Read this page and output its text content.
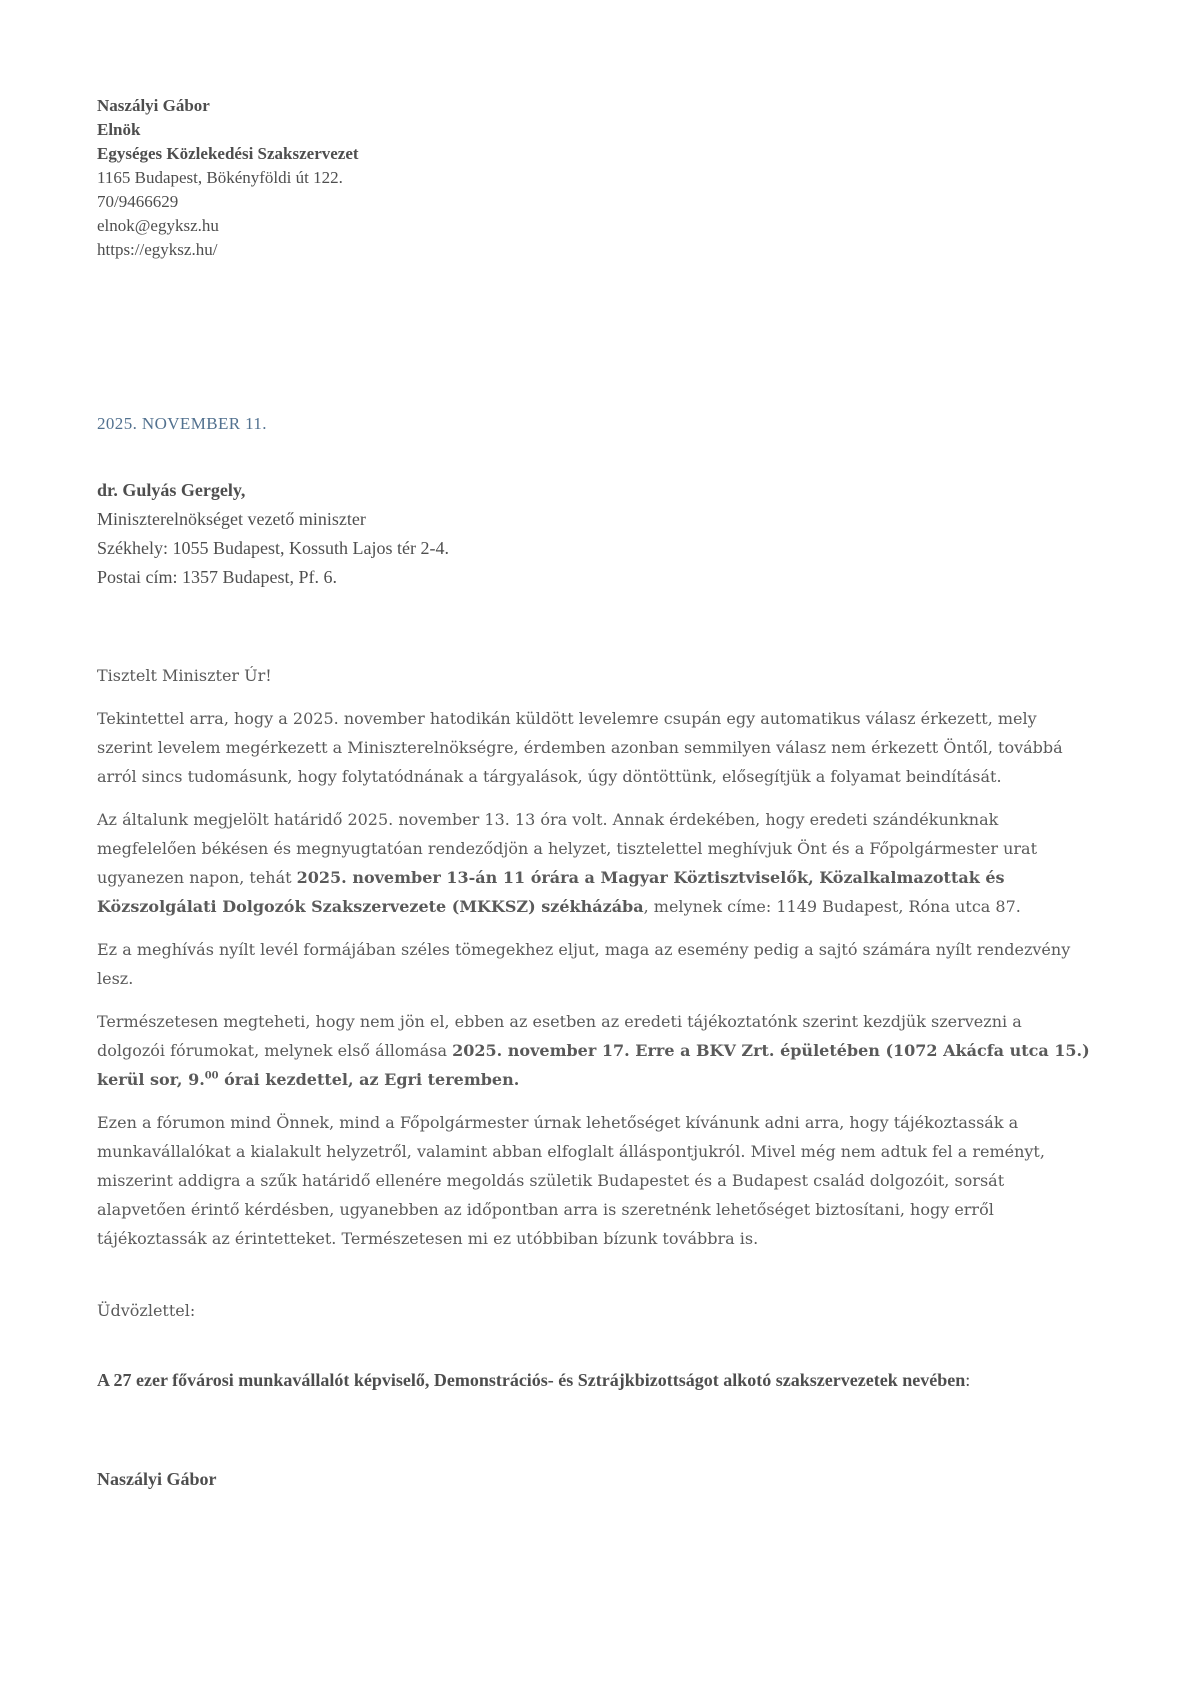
Naszályi Gábor
Elnök
Egységes Közlekedési Szakszervezet
1165 Budapest, Bökényföldi út 122.
70/9466629
elnok@egyksz.hu
https://egyksz.hu/
2025. NOVEMBER 11.
dr. Gulyás Gergely,
Miniszterelnökséget vezető miniszter
Székhely: 1055 Budapest, Kossuth Lajos tér 2-4.
Postai cím: 1357 Budapest, Pf. 6.

Tisztelt Miniszter Úr!

Tekintettel arra, hogy a 2025. november hatodikán küldött levelemre csupán egy automatikus válasz érkezett, mely szerint levelem megérkezett a Miniszterelnökségre, érdemben azonban semmilyen válasz nem érkezett Öntől, továbbá arról sincs tudomásunk, hogy folytatódnának a tárgyalások, úgy döntöttünk, elősegítjük a folyamat beindítását.

Az általunk megjelölt határidő 2025. november 13. 13 óra volt. Annak érdekében, hogy eredeti szándékunknak megfelelően békésen és megnyugtatóan rendeződjön a helyzet, tisztelettel meghívjuk Önt és a Főpolgármester urat ugyanezen napon, tehát 2025. november 13-án 11 órára a Magyar Köztisztviselők, Közalkalmazottak és Közszolgálati Dolgozók Szakszervezete (MKKSZ) székházába, melynek címe: 1149 Budapest, Róna utca 87.

Ez a meghívás nyílt levél formájában széles tömegekhez eljut, maga az esemény pedig a sajtó számára nyílt rendezvény lesz.

Természetesen megteheti, hogy nem jön el, ebben az esetben az eredeti tájékoztatónk szerint kezdjük szervezni a dolgozói fórumokat, melynek első állomása 2025. november 17. Erre a BKV Zrt. épületében (1072 Akácfa utca 15.) kerül sor, 9.00 órai kezdettel, az Egri teremben.

Ezen a fórumon mind Önnek, mind a Főpolgármester úrnak lehetőséget kívánunk adni arra, hogy tájékoztassák a munkavállalókat a kialakult helyzetről, valamint abban elfoglalt álláspontjukról. Mivel még nem adtuk fel a reményt, miszerint addigra a szűk határidő ellenére megoldás születik Budapestet és a Budapest család dolgozóit, sorsát alapvetően érintő kérdésben, ugyanebben az időpontban arra is szeretnénk lehetőséget biztosítani, hogy erről tájékoztassák az érintetteket. Természetesen mi ez utóbbiban bízunk továbbra is.

Üdvözlettel:

A 27 ezer fővárosi munkavállalót képviselő, Demonstrációs- és Sztrájkbizottságot alkotó szakszervezetek nevében:
Naszályi Gábor
